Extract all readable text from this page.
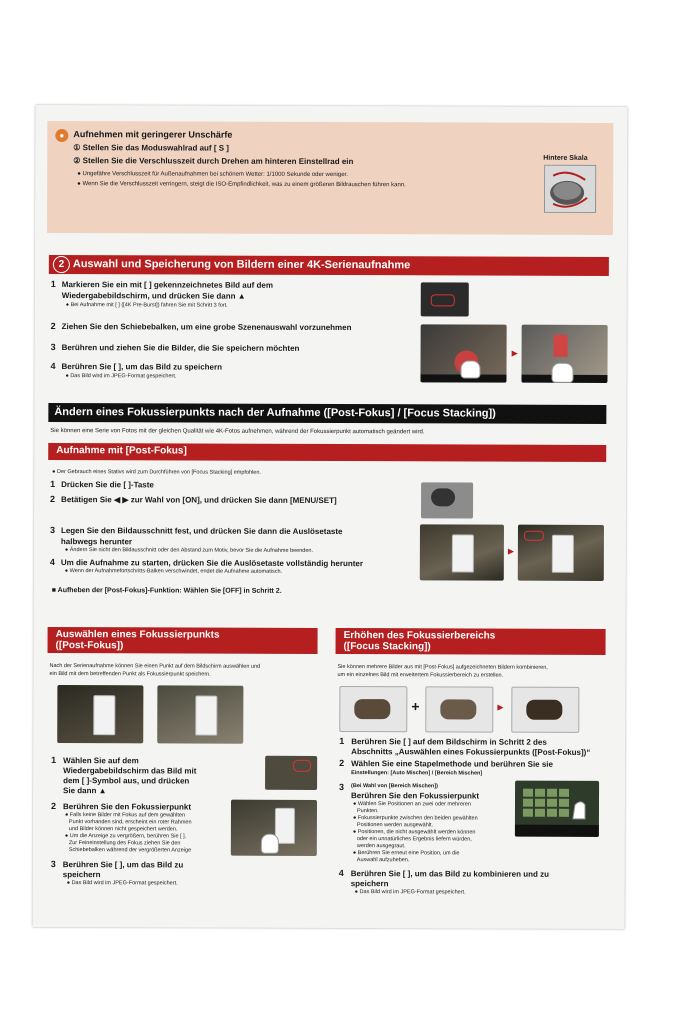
●	Aufnehmen mit geringerer Unschärfe
① Stellen Sie das Moduswahlrad auf [ S ]
② Stellen Sie die Verschlusszeit durch Drehen am hinteren Einstellrad ein
● Ungefähre Verschlusszeit für Außenaufnahmen bei schönem Wetter: 1/1000 Sekunde oder weniger.
● Wenn Sie die Verschlusszeit verringern, steigt die ISO-Empfindlichkeit, was zu einem größeren Bildrauschen führen kann.
Hintere Skala
2 Auswahl und Speicherung von Bildern einer 4K-Serienaufnahme
1 Markieren Sie ein mit [ ] gekennzeichnetes Bild auf dem
Wiedergabebildschirm, und drücken Sie dann ▲
● Bei Aufnahme mit [ ] ([4K Pre-Burst]) fahren Sie mit Schritt 3 fort.
2 Ziehen Sie den Schiebebalken, um eine grobe Szenenauswahl vorzunehmen
3 Berühren und ziehen Sie die Bilder, die Sie speichern möchten
4 Berühren Sie [ ], um das Bild zu speichern
● Das Bild wird im JPEG-Format gespeichert.
▶
Ändern eines Fokussierpunkts nach der Aufnahme ([Post-Fokus] / [Focus Stacking])
Sie können eine Serie von Fotos mit der gleichen Qualität wie 4K-Fotos aufnehmen, während der Fokussierpunkt automatisch geändert wird.
Aufnahme mit [Post-Fokus]
● Der Gebrauch eines Stativs wird zum Durchführen von [Focus Stacking] empfohlen.
1 Drücken Sie die [ ]-Taste
2 Betätigen Sie ◀ ▶ zur Wahl von [ON], und drücken Sie dann [MENU/SET]
3 Legen Sie den Bildausschnitt fest, und drücken Sie dann die Auslösetaste
halbwegs herunter
● Ändern Sie nicht den Bildausschnitt oder den Abstand zum Motiv, bevor Sie die Aufnahme beenden.
4 Um die Aufnahme zu starten, drücken Sie die Auslösetaste vollständig herunter
● Wenn der Aufnahmefortschritts-Balken verschwindet, endet die Aufnahme automatisch.
■ Aufheben der [Post-Fokus]-Funktion: Wählen Sie [OFF] in Schritt 2.
▶
Auswählen eines Fokussierpunkts
([Post-Fokus])
Nach der Serienaufnahme können Sie einen Punkt auf dem Bildschirm auswählen und
ein Bild mit dem betreffenden Punkt als Fokussierpunkt speichern.
1 Wählen Sie auf dem
Wiedergabebildschirm das Bild mit
dem [ ]-Symbol aus, und drücken
Sie dann ▲
2 Berühren Sie den Fokussierpunkt
● Falls keine Bilder mit Fokus auf dem gewählten
Punkt vorhanden sind, erscheint ein roter Rahmen
und Bilder können nicht gespeichert werden.
● Um die Anzeige zu vergrößern, berühren Sie [ ].
Zur Feineinstellung des Fokus ziehen Sie den
Schiebebalken während der vergrößerten Anzeige
3 Berühren Sie [ ], um das Bild zu
speichern
● Das Bild wird im JPEG-Format gespeichert.
Erhöhen des Fokussierbereichs
([Focus Stacking])
Sie können mehrere Bilder aus mit [Post-Fokus] aufgezeichneten Bildern kombinieren,
um ein einzelnes Bild mit erweitertem Fokussierbereich zu erstellen.
+	▶
1 Berühren Sie [ ] auf dem Bildschirm in Schritt 2 des
Abschnitts „Auswählen eines Fokussierpunkts ([Post-Fokus])“
2 Wählen Sie eine Stapelmethode und berühren Sie sie
Einstellungen: [Auto Mischen] / [Bereich Mischen]
3 (Bei Wahl von [Bereich Mischen])
Berühren Sie den Fokussierpunkt
● Wählen Sie Positionen an zwei oder mehreren
Punkten.
● Fokussierpunkte zwischen den beiden gewählten
Positionen werden ausgewählt.
● Positionen, die nicht ausgewählt werden können
oder ein unnatürliches Ergebnis liefern würden,
werden ausgegraut.
● Berühren Sie erneut eine Position, um die
Auswahl aufzuheben.
4 Berühren Sie [ ], um das Bild zu kombinieren und zu
speichern
● Das Bild wird im JPEG-Format gespeichert.
